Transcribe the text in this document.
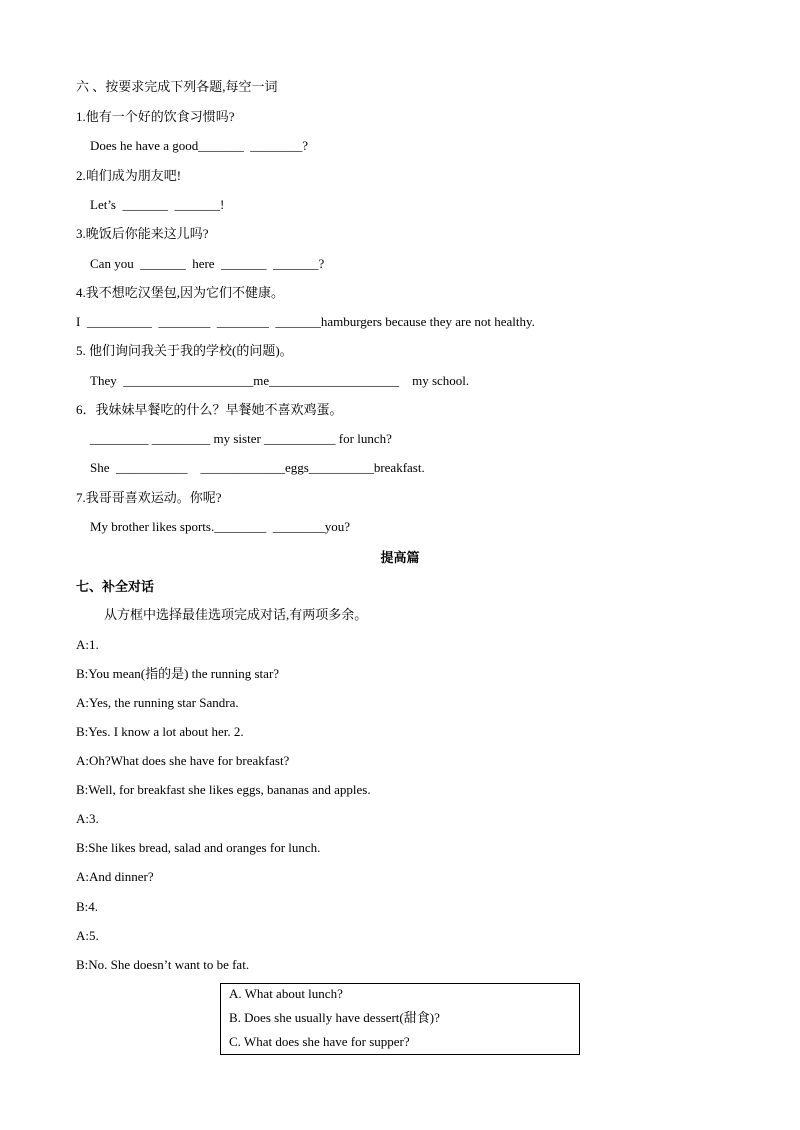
六 、按要求完成下列各题,每空一词
1.他有一个好的饮食习惯吗?
Does he have a good_______  ________?
2.咱们成为朋友吧!
Let’s  _______  _______!
3.晚饭后你能来这儿吗?
Can you  _______  here  _______  _______?
4.我不想吃汉堡包,因为它们不健康。
I  __________  ________  ________  _______hamburgers because they are not healthy.
5. 他们询问我关于我的学校(的问题)。
They  ____________________me____________________    my school.
6．我妹妹早餐吃的什么？早餐她不喜欢鸡蛋。
_________ _________ my sister ___________ for lunch?
She  ___________    _____________eggs__________breakfast.
7.我哥哥喜欢运动。你呢?
My brother likes sports.________  ________you?
提高篇
七、补全对话
从方框中选择最佳选项完成对话,有两项多余。
A:1.
B:You mean(指的是) the running star?
A:Yes, the running star Sandra.
B:Yes. I know a lot about her. 2.
A:Oh?What does she have for breakfast?
B:Well, for breakfast she likes eggs, bananas and apples.
A:3.
B:She likes bread, salad and oranges for lunch.
A:And dinner?
B:4.
A:5.
B:No. She doesn’t want to be fat.
A. What about lunch?
B. Does she usually have dessert(甜食)?
C. What does she have for supper?
